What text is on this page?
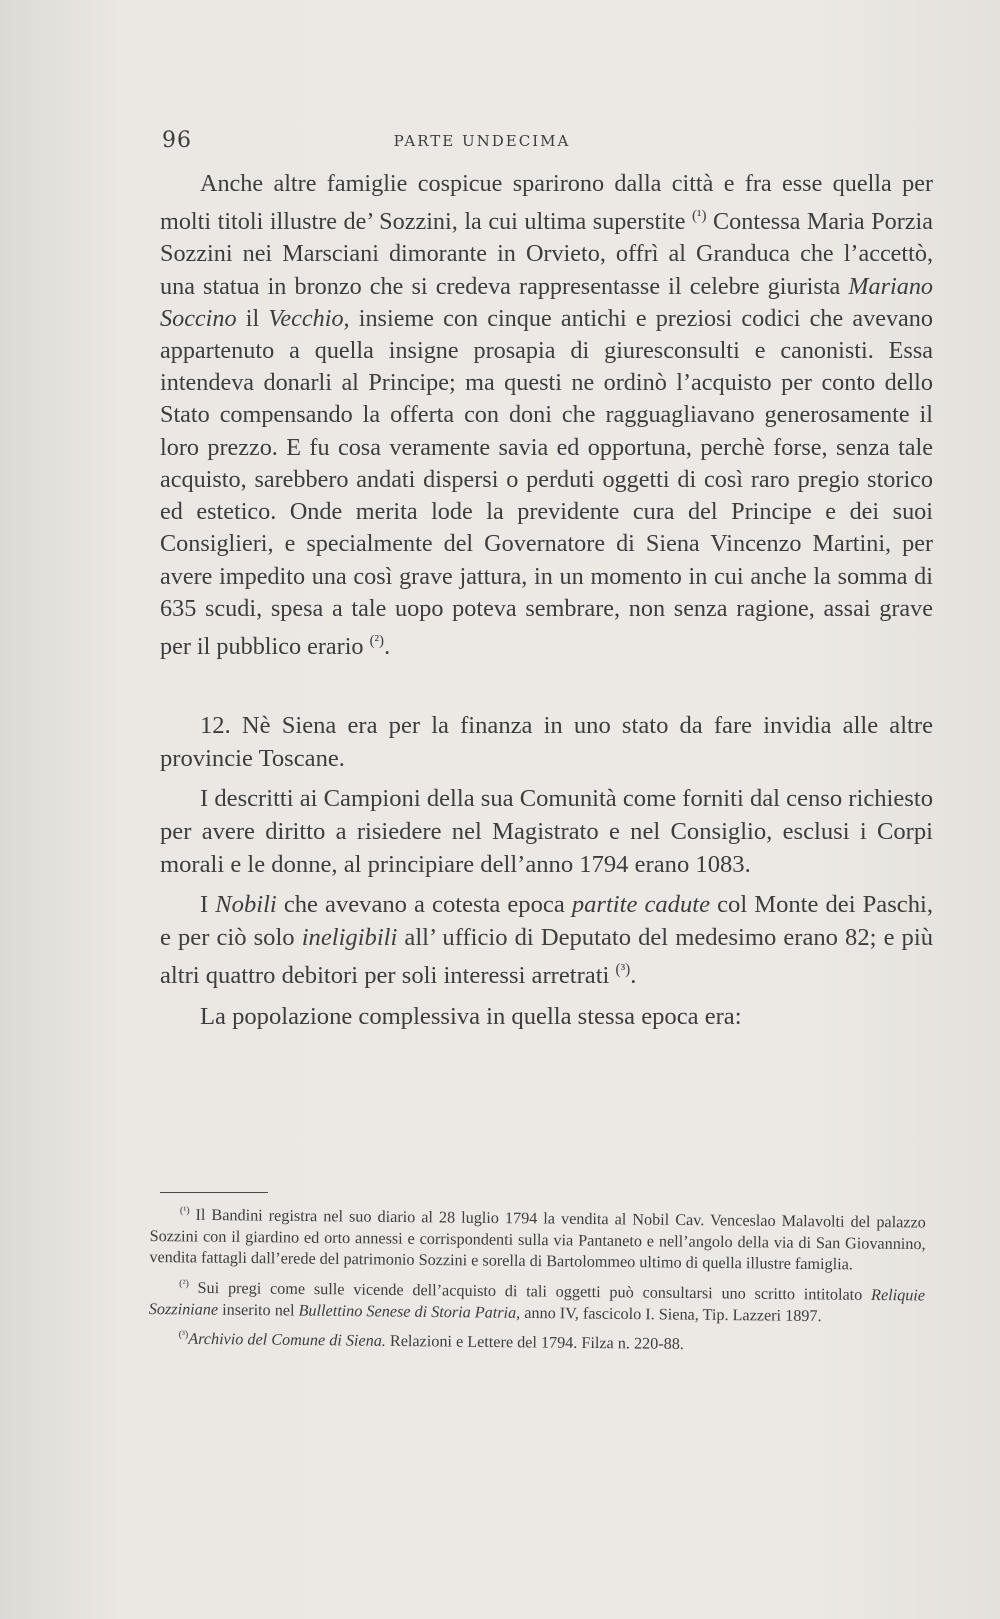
96	PARTE UNDECIMA

Anche altre famiglie cospicue sparirono dalla città e fra esse quella per molti titoli illustre de’ Sozzini, la cui ultima superstite $^{(^1)}$ Contessa Maria Porzia Sozzini nei Marsciani dimorante in Orvieto, offrì al Granduca che l’accettò, una statua in bronzo che si credeva rappresentasse il celebre giurista Mariano Soccino il Vecchio, insieme con cinque antichi e preziosi codici che avevano appartenuto a quella insigne prosapia di giuresconsulti e canonisti. Essa intendeva donarli al Principe; ma questi ne ordinò l’acquisto per conto dello Stato compensando la offerta con doni che ragguagliavano generosamente il loro prezzo. E fu cosa veramente savia ed opportuna, perchè forse, senza tale acquisto, sarebbero andati dispersi o perduti oggetti di così raro pregio storico ed estetico. Onde merita lode la previdente cura del Principe e dei suoi Consiglieri, e specialmente del Governatore di Siena Vincenzo Martini, per avere impedito una così grave jattura, in un momento in cui anche la somma di 635 scudi, spesa a tale uopo poteva sembrare, non senza ragione, assai grave per il pubblico erario $^{(^2)}$.

12. Nè Siena era per la finanza in uno stato da fare invidia alle altre provincie Toscane.

I descritti ai Campioni della sua Comunità come forniti dal censo richiesto per avere diritto a risiedere nel Magistrato e nel Consiglio, esclusi i Corpi morali e le donne, al principiare dell’anno 1794 erano 1083.

I Nobili che avevano a cotesta epoca partite cadute col Monte dei Paschi, e per ciò solo ineligibili all’ ufficio di Deputato del medesimo erano 82; e più altri quattro debitori per soli interessi arretrati $^{(^3)}$.

La popolazione complessiva in quella stessa epoca era:

$^{(^1)}$ Il Bandini registra nel suo diario al 28 luglio 1794 la vendita al Nobil Cav. Venceslao Malavolti del palazzo Sozzini con il giardino ed orto annessi e corrispondenti sulla via Pantaneto e nell’angolo della via di San Giovannino, vendita fattagli dall’erede del patrimonio Sozzini e sorella di Bartolommeo ultimo di quella illustre famiglia.

$^{(^2)}$ Sui pregi come sulle vicende dell’acquisto di tali oggetti può consultarsi uno scritto intitolato Reliquie Sozziniane inserito nel Bullettino Senese di Storia Patria, anno IV, fascicolo I. Siena, Tip. Lazzeri 1897.

$^{(^3)}$Archivio del Comune di Siena. Relazioni e Lettere del 1794. Filza n. 220-88.
